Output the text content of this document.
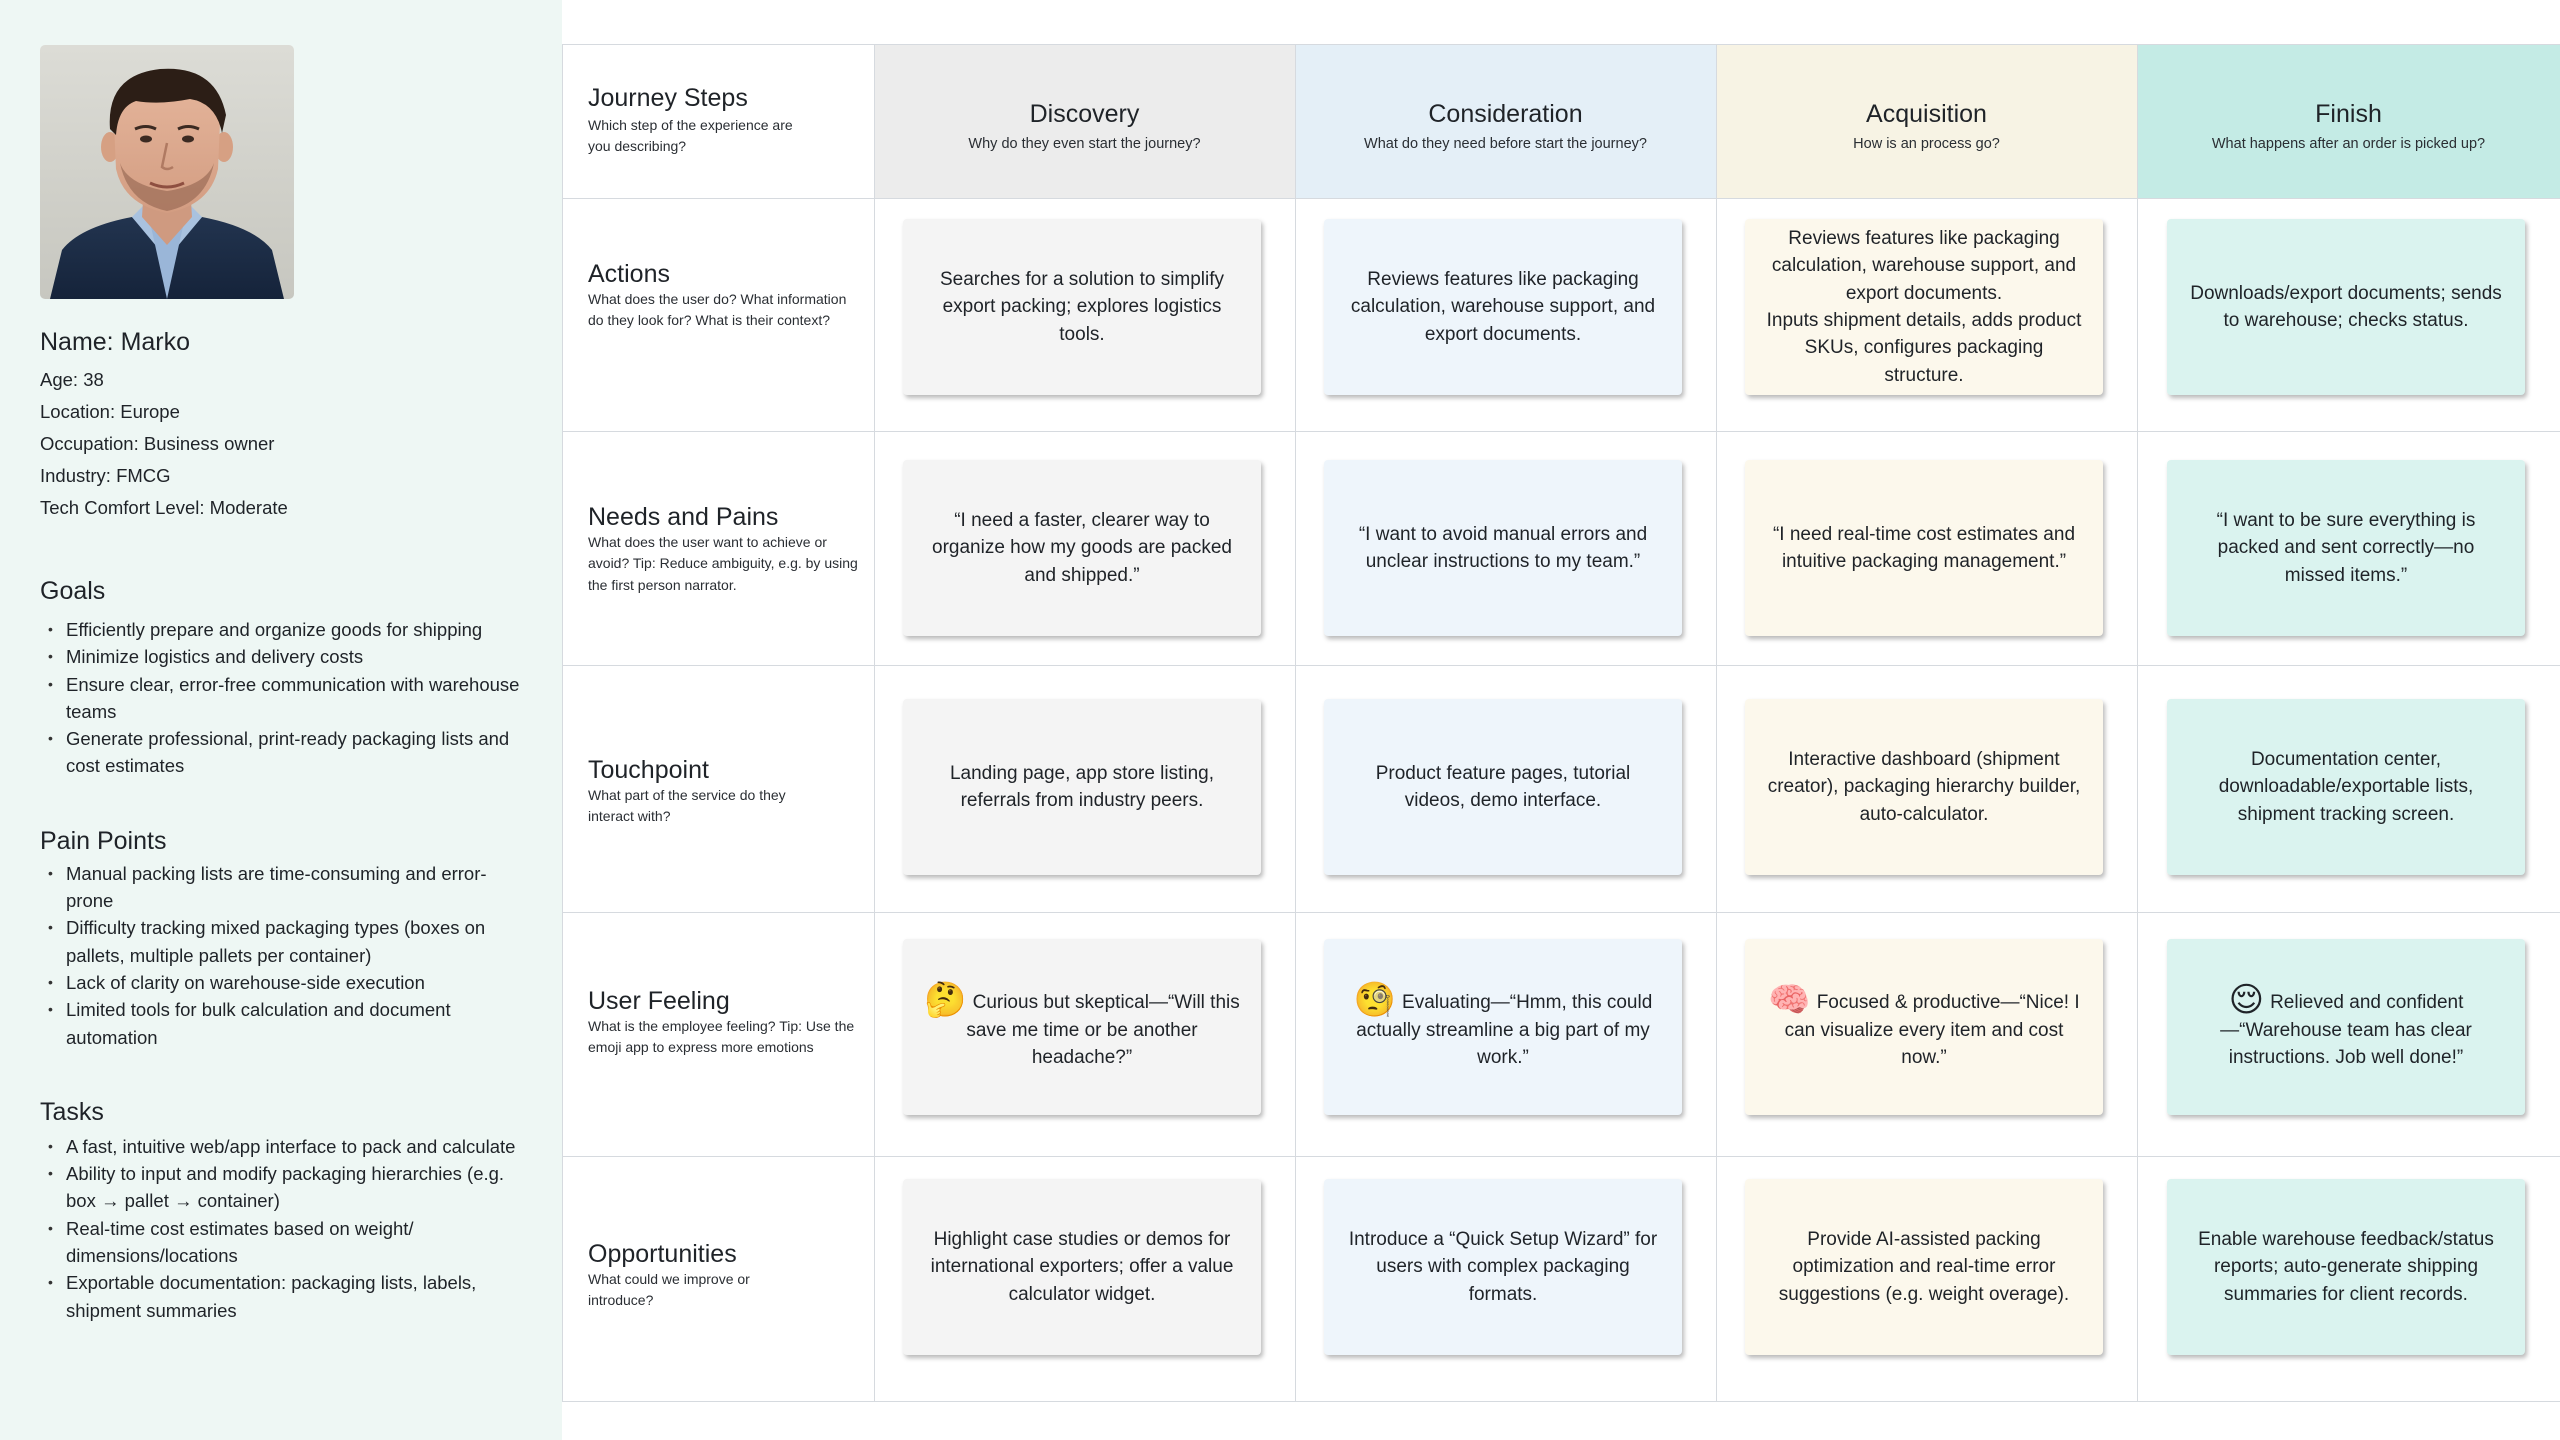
Name: Marko
Age: 38
Location: Europe
Occupation: Business owner
Industry: FMCG
Tech Comfort Level: Moderate
Goals
• Efficiently prepare and organize goods for shipping
• Minimize logistics and delivery costs
• Ensure clear, error-free communication with warehouse teams
• Generate professional, print-ready packaging lists and cost estimates
Pain Points
• Manual packing lists are time-consuming and error-prone
• Difficulty tracking mixed packaging types (boxes on pallets, multiple pallets per container)
• Lack of clarity on warehouse-side execution
• Limited tools for bulk calculation and document automation
Tasks
• A fast, intuitive web/app interface to pack and calculate
• Ability to input and modify packaging hierarchies (e.g. box → pallet → container)
• Real-time cost estimates based on weight/ dimensions/locations
• Exportable documentation: packaging lists, labels, shipment summaries
Discovery
Why do they even start the journey?
Consideration
What do they need before start the journey?
Acquisition
How is an process go?
Finish
What happens after an order is picked up?
Journey Steps
Which step of the experience are you describing?
Actions
What does the user do? What information do they look for? What is their context?
Needs and Pains
What does the user want to achieve or avoid? Tip: Reduce ambiguity, e.g. by using the first person narrator.
Touchpoint
What part of the service do they interact with?
User Feeling
What is the employee feeling? Tip: Use the emoji app to express more emotions
Opportunities
What could we improve or introduce?
Searches for a solution to simplify export packing; explores logistics tools.
Reviews features like packaging calculation, warehouse support, and export documents.
Reviews features like packaging calculation, warehouse support, and export documents.
Inputs shipment details, adds product SKUs, configures packaging structure.
Downloads/export documents; sends to warehouse; checks status.
“I need a faster, clearer way to organize how my goods are packed and shipped.”
“I want to avoid manual errors and unclear instructions to my team.”
“I need real-time cost estimates and intuitive packaging management.”
“I want to be sure everything is packed and sent correctly—no missed items.”
Landing page, app store listing, referrals from industry peers.
Product feature pages, tutorial videos, demo interface.
Interactive dashboard (shipment creator), packaging hierarchy builder, auto-calculator.
Documentation center, downloadable/exportable lists, shipment tracking screen.
🤔 Curious but skeptical—“Will this save me time or be another headache?”
🧐 Evaluating—“Hmm, this could actually streamline a big part of my work.”
🧠 Focused & productive—“Nice! I can visualize every item and cost now.”
😌 Relieved and confident —“Warehouse team has clear instructions. Job well done!”
Highlight case studies or demos for international exporters; offer a value calculator widget.
Introduce a “Quick Setup Wizard” for users with complex packaging formats.
Provide AI-assisted packing optimization and real-time error suggestions (e.g. weight overage).
Enable warehouse feedback/status reports; auto-generate shipping summaries for client records.
